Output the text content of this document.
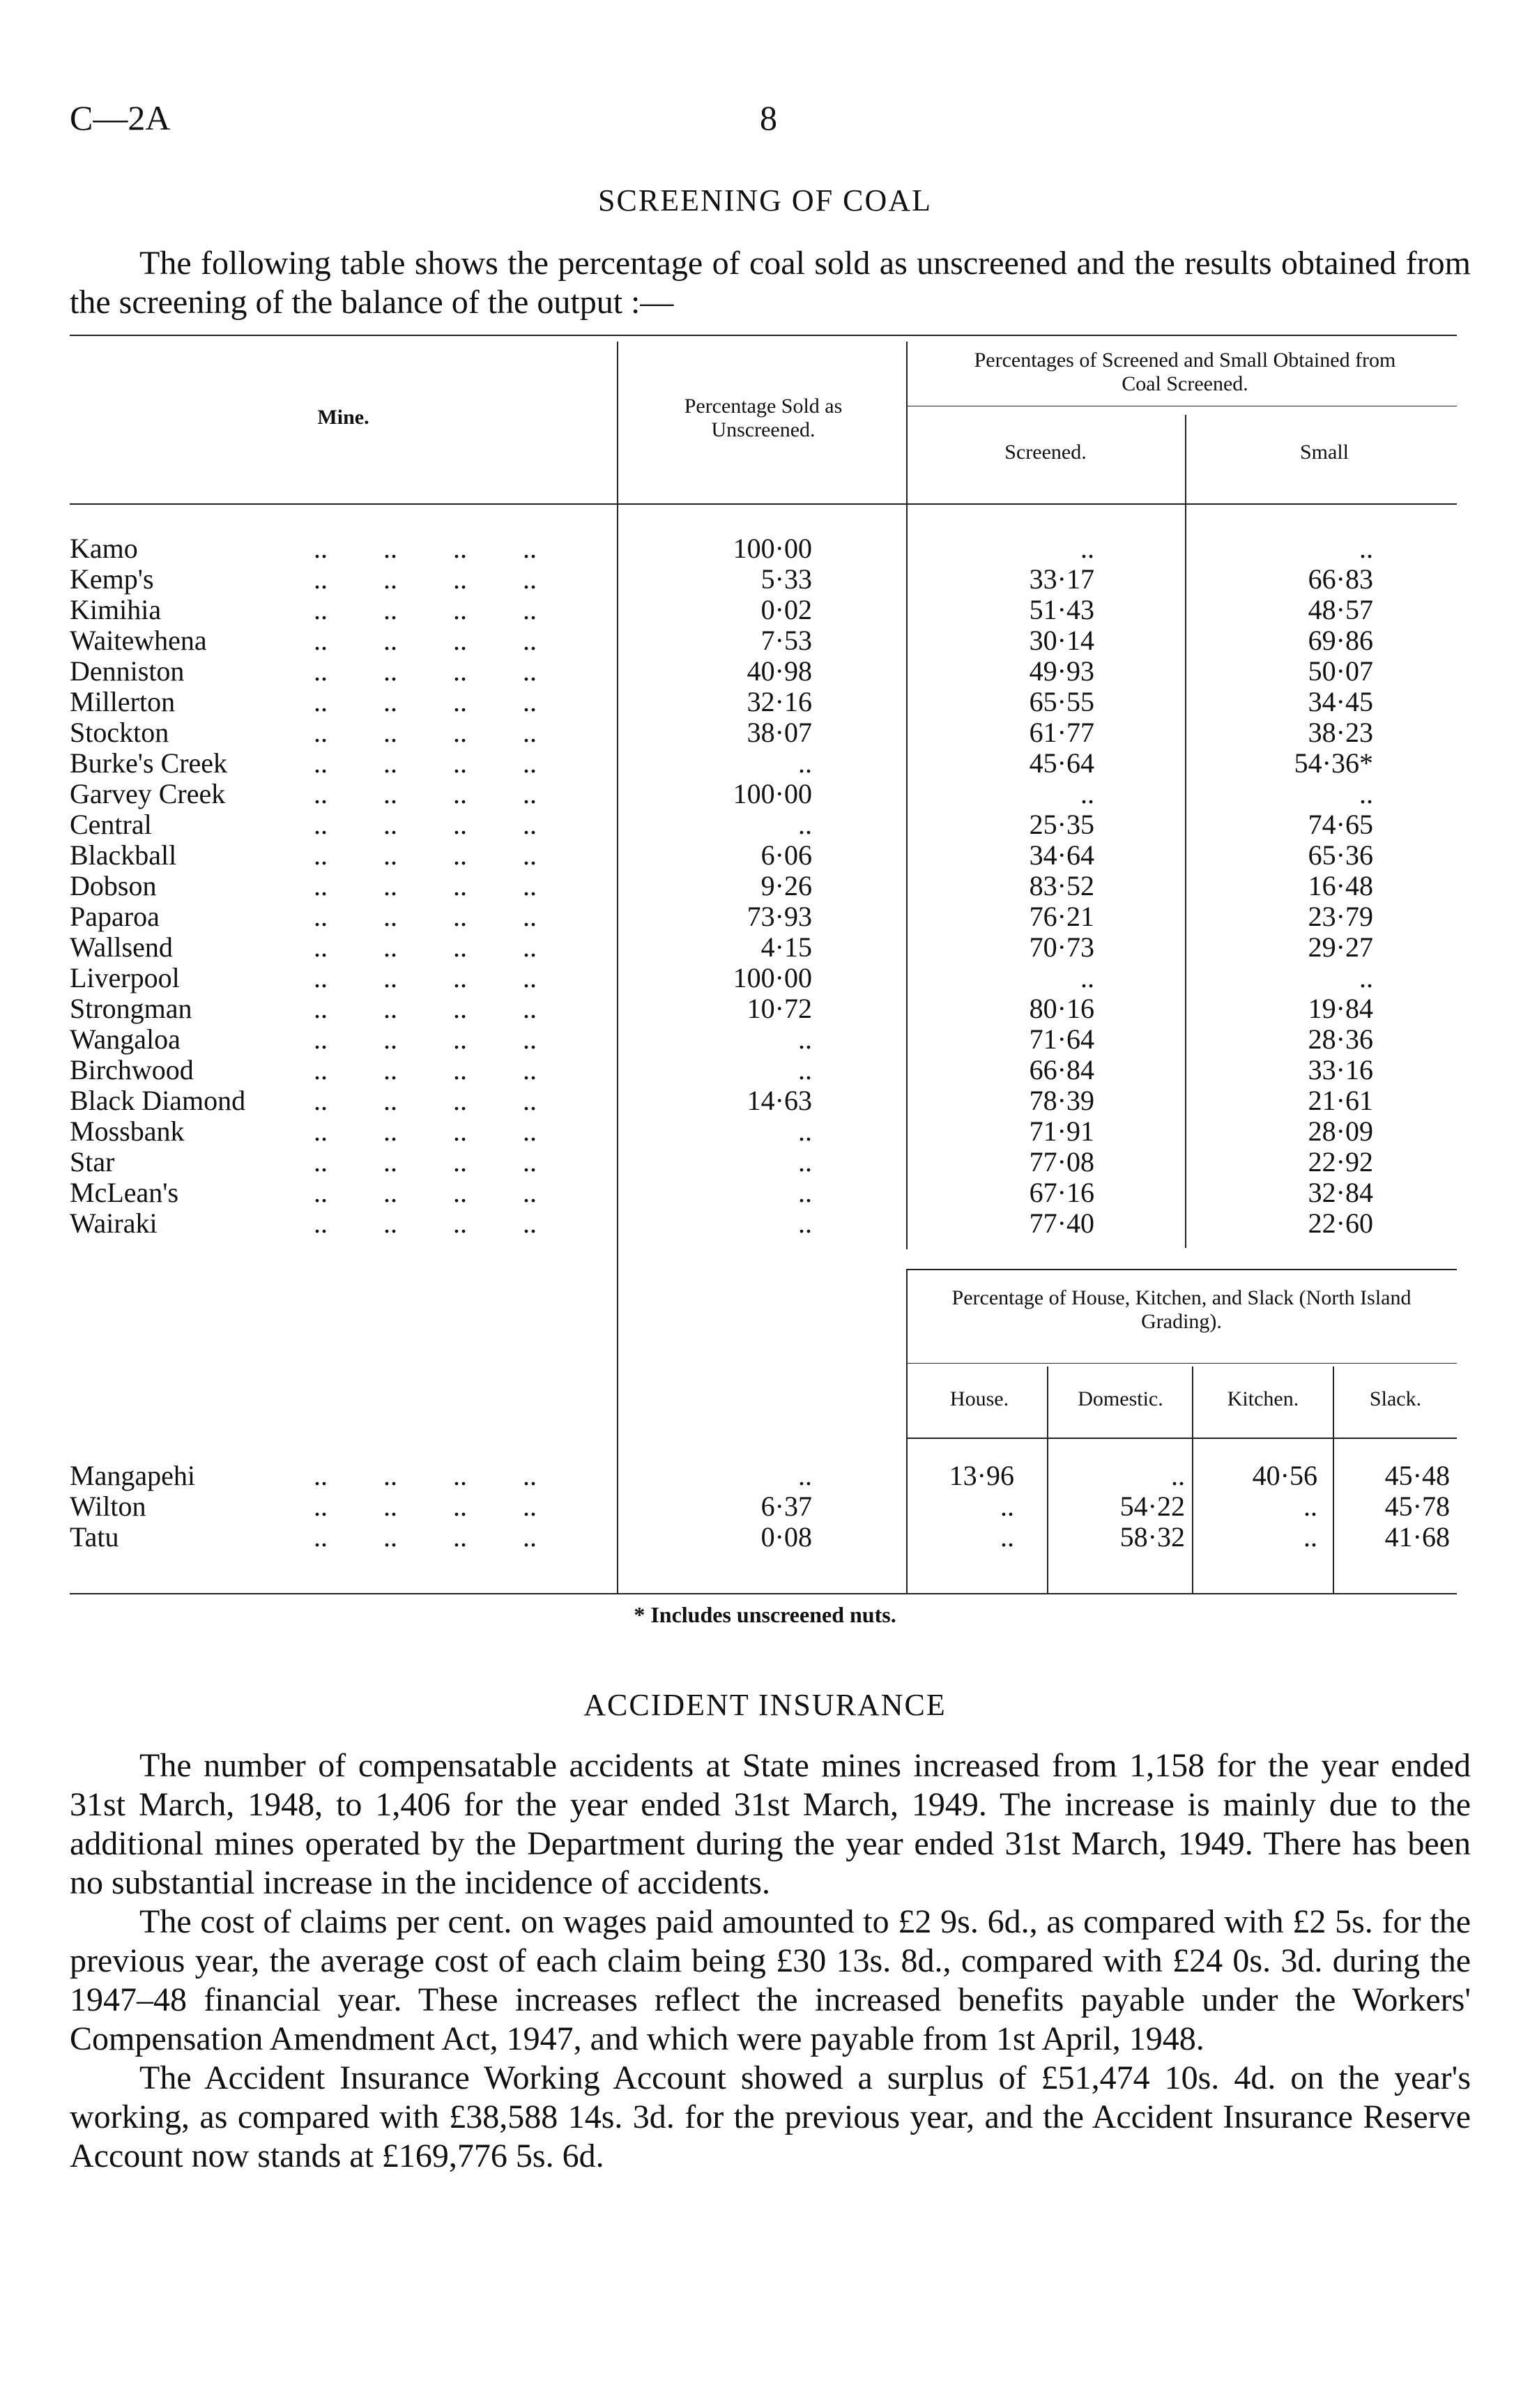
C—2A	8
SCREENING OF COAL

The following table shows the percentage of coal sold as unscreened and the results obtained from the screening of the balance of the output :—

Mine.	Percentage Sold as Unscreened.
Percentages of Screened and Small Obtained from Coal Screened.
Screened.	Small
Kamo	100·00	..	..
..  ..  ..  ..
Kemp's	5·33	33·17	66·83
..  ..  ..  ..
Kimihia	0·02	51·43	48·57
..  ..  ..  ..
Waitewhena	7·53	30·14	69·86
..  ..  ..  ..
Denniston	40·98	49·93	50·07
..  ..  ..  ..
Millerton	32·16	65·55	34·45
..  ..  ..  ..
Stockton	38·07	61·77	38·23
..  ..  ..  ..
Burke's Creek	..	45·64	54·36*
..  ..  ..  ..
Garvey Creek	100·00	..	..
..  ..  ..  ..
Central	..	25·35	74·65
..  ..  ..  ..
Blackball	6·06	34·64	65·36
..  ..  ..  ..
Dobson	9·26	83·52	16·48
..  ..  ..  ..
Paparoa	73·93	76·21	23·79
..  ..  ..  ..
Wallsend	4·15	70·73	29·27
..  ..  ..  ..
Liverpool	100·00	..	..
..  ..  ..  ..
Strongman	10·72	80·16	19·84
..  ..  ..  ..
Wangaloa	..	71·64	28·36
..  ..  ..  ..
Birchwood	..	66·84	33·16
..  ..  ..  ..
Black Diamond	14·63	78·39	21·61
..  ..  ..  ..
Mossbank	..	71·91	28·09
..  ..  ..  ..
Star	..	77·08	22·92
..  ..  ..  ..
McLean's	..	67·16	32·84
..  ..  ..  ..
Wairaki	..	77·40	22·60
..  ..  ..  ..
Percentage of House, Kitchen, and Slack (North Island Grading).
House.	Domestic.	Kitchen.	Slack.
Mangapehi	..	13·96	..	40·56	45·48
..  ..  ..  ..
Wilton	6·37	..	54·22	..	45·78
..  ..  ..  ..
Tatu	0·08	..	58·32	..	41·68
..  ..  ..  ..
* Includes unscreened nuts.
ACCIDENT INSURANCE

The number of compensatable accidents at State mines increased from 1,158 for the year ended 31st March, 1948, to 1,406 for the year ended 31st March, 1949. The increase is mainly due to the additional mines operated by the Department during the year ended 31st March, 1949. There has been no substantial increase in the incidence of accidents.

The cost of claims per cent. on wages paid amounted to £2 9s. 6d., as compared with £2 5s. for the previous year, the average cost of each claim being £30 13s. 8d., compared with £24 0s. 3d. during the 1947–48 financial year. These increases reflect the increased benefits payable under the Workers' Compensation Amendment Act, 1947, and which were payable from 1st April, 1948.

The Accident Insurance Working Account showed a surplus of £51,474 10s. 4d. on the year's working, as compared with £38,588 14s. 3d. for the previous year, and the Accident Insurance Reserve Account now stands at £169,776 5s. 6d.
